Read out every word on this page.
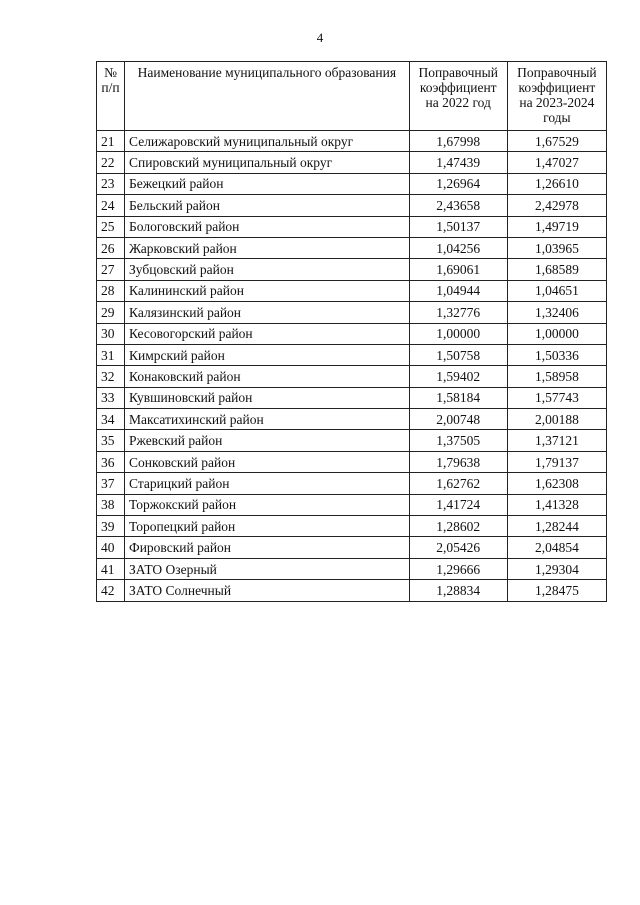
4
№ п/п	Наименование муниципального образования	Поправочный коэффициент на 2022 год	Поправочный коэффициент на 2023-2024 годы
21	Селижаровский муниципальный округ	1,67998	1,67529
22	Спировский муниципальный округ	1,47439	1,47027
23	Бежецкий район	1,26964	1,26610
24	Бельский район	2,43658	2,42978
25	Бологовский район	1,50137	1,49719
26	Жарковский район	1,04256	1,03965
27	Зубцовский район	1,69061	1,68589
28	Калининский район	1,04944	1,04651
29	Калязинский район	1,32776	1,32406
30	Кесовогорский район	1,00000	1,00000
31	Кимрский район	1,50758	1,50336
32	Конаковский район	1,59402	1,58958
33	Кувшиновский район	1,58184	1,57743
34	Максатихинский район	2,00748	2,00188
35	Ржевский район	1,37505	1,37121
36	Сонковский район	1,79638	1,79137
37	Старицкий район	1,62762	1,62308
38	Торжокский район	1,41724	1,41328
39	Торопецкий район	1,28602	1,28244
40	Фировский район	2,05426	2,04854
41	ЗАТО Озерный	1,29666	1,29304
42	ЗАТО Солнечный	1,28834	1,28475
